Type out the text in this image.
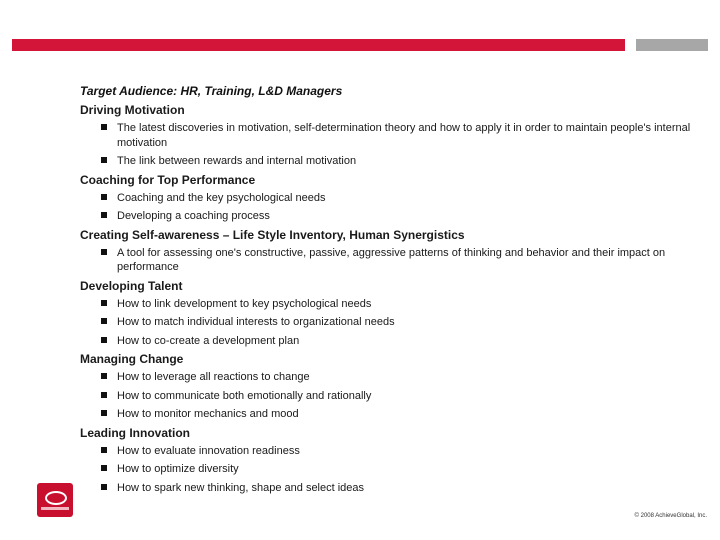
Target Audience: HR, Training, L&D Managers
Driving Motivation
The latest discoveries in motivation, self-determination theory and how to apply it in order to maintain people's internal motivation
The link between rewards and internal motivation
Coaching for Top Performance
Coaching and the key psychological needs
Developing a coaching process
Creating Self-awareness – Life Style Inventory, Human Synergistics
A tool for assessing one's constructive, passive, aggressive patterns of thinking and behavior and their impact on performance
Developing Talent
How to link development to key psychological needs
How to match individual interests to organizational needs
How to co-create a development plan
Managing Change
How to leverage all reactions to change
How to communicate both emotionally and rationally
How to monitor mechanics and mood
Leading Innovation
How to evaluate innovation readiness
How to optimize diversity
How to spark new thinking, shape and select ideas
© 2008 AchieveGlobal, Inc.
